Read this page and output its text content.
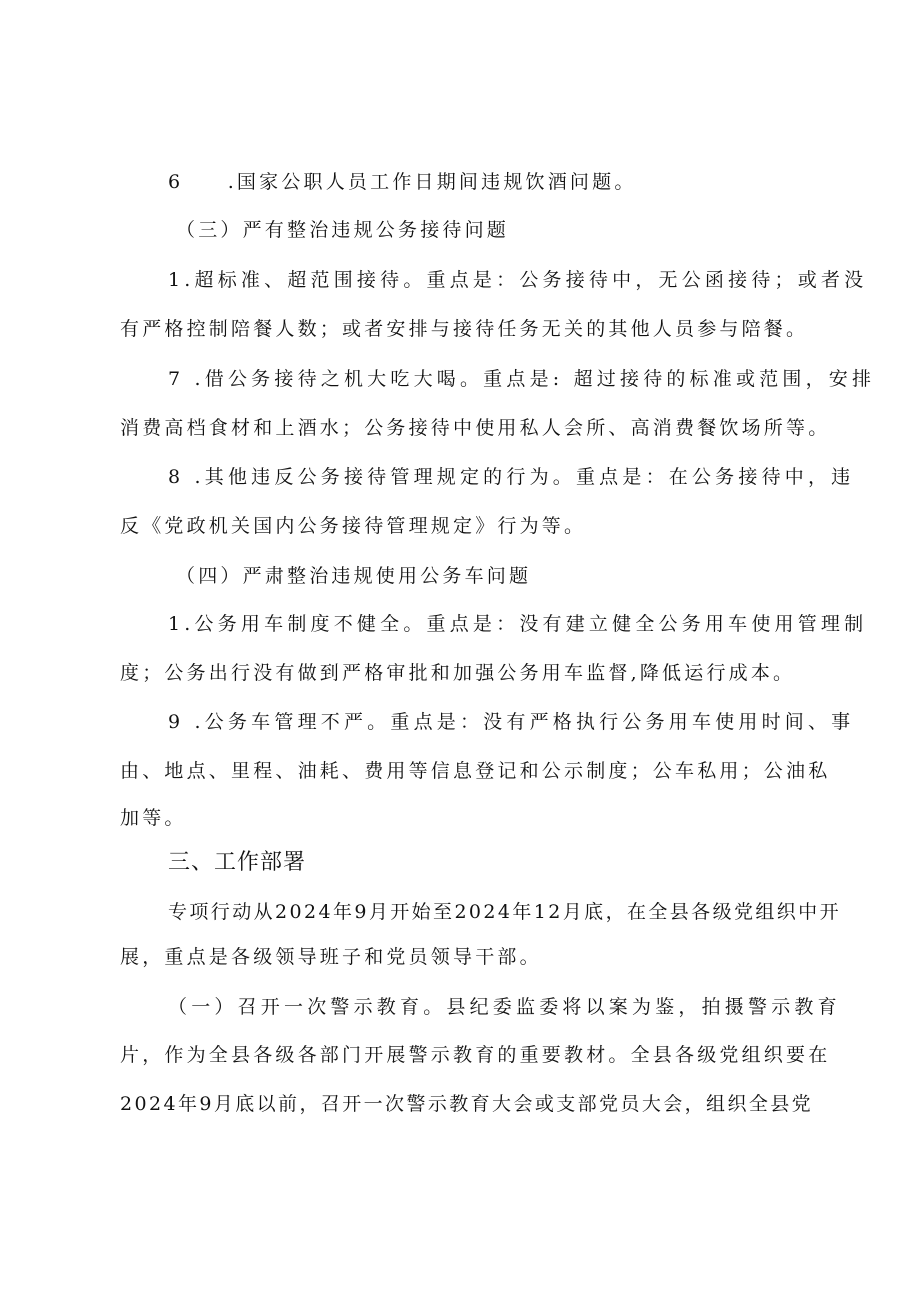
6　　.国家公职人员工作日期间违规饮酒问题。
（三）严有整治违规公务接待问题
1.超标准、超范围接待。重点是：公务接待中，无公函接待；或者没
有严格控制陪餐人数；或者安排与接待任务无关的其他人员参与陪餐。
7 .借公务接待之机大吃大喝。重点是: 超过接待的标准或范围，安排
消费高档食材和上酒水；公务接待中使用私人会所、高消费餐饮场所等。
8 .其他违反公务接待管理规定的行为。重点是：在公务接待中，违
反《党政机关国内公务接待管理规定》行为等。
（四）严肃整治违规使用公务车问题
1.公务用车制度不健全。重点是：没有建立健全公务用车使用管理制
度；公务出行没有做到严格审批和加强公务用车监督,降低运行成本。
9 .公务车管理不严。重点是：没有严格执行公务用车使用时间、事
由、地点、里程、油耗、费用等信息登记和公示制度；公车私用；公油私
加等。
三、工作部署
专项行动从2024年9月开始至2024年12月底，在全县各级党组织中开
展，重点是各级领导班子和党员领导干部。
（一）召开一次警示教育。县纪委监委将以案为鉴，拍摄警示教育
片，作为全县各级各部门开展警示教育的重要教材。全县各级党组织要在
2024年9月底以前，召开一次警示教育大会或支部党员大会，组织全县党
